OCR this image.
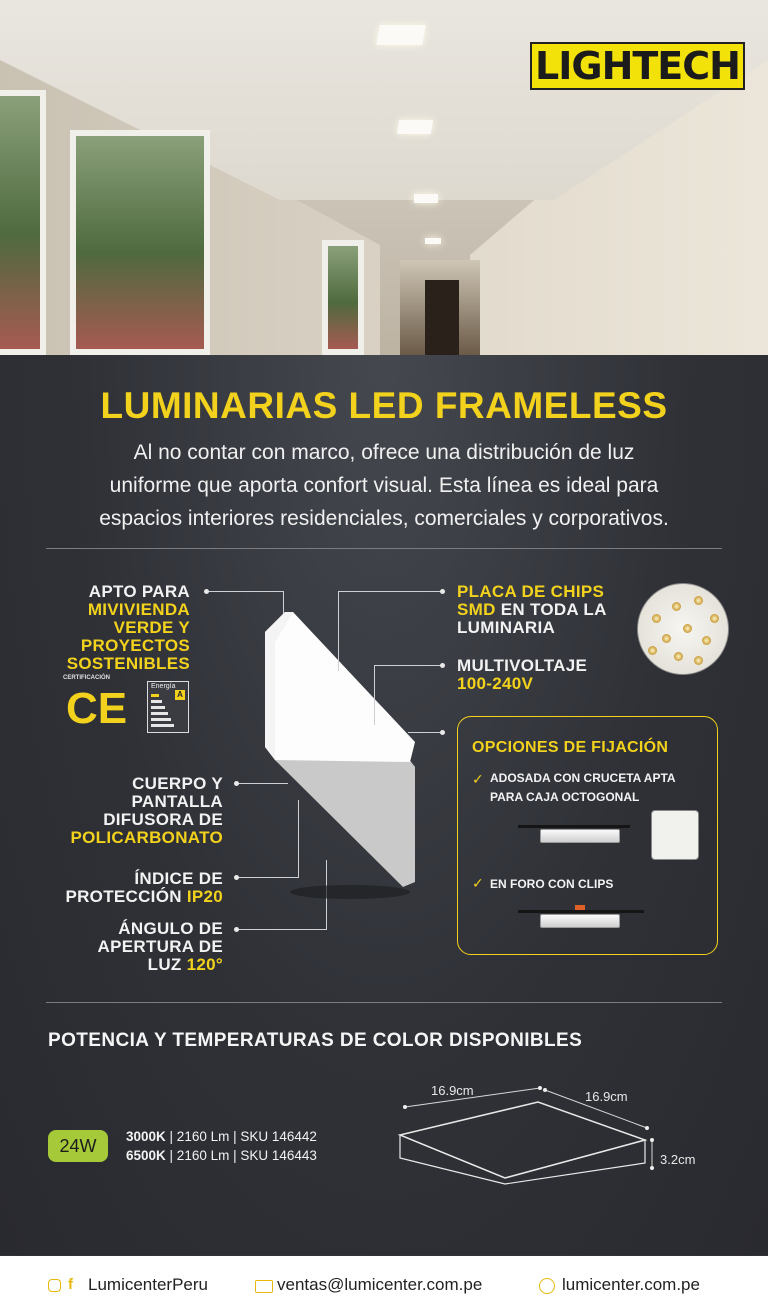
LIGHTECH
LUMINARIAS LED FRAMELESS
Al no contar con marco, ofrece una distribución de luz
uniforme que aporta confort visual. Esta línea es ideal para
espacios interiores residenciales, comerciales y corporativos.
APTO PARA
MIVIVIENDA
VERDE Y
PROYECTOS
SOSTENIBLES
CERTIFICACIÓN
CE	Energía
A
CUERPO Y
PANTALLA
DIFUSORA DE
POLICARBONATO
ÍNDICE DE
PROTECCIÓN IP20
ÁNGULO DE
APERTURA DE
LUZ 120°
PLACA DE CHIPS
SMD EN TODA LA
LUMINARIA
MULTIVOLTAJE
100-240V
OPCIONES DE FIJACIÓN
✓ ADOSADA CON CRUCETA APTA
PARA CAJA OCTOGONAL
✓ EN FORO CON CLIPS
POTENCIA Y TEMPERATURAS DE COLOR DISPONIBLES
24W	3000K | 2160 Lm | SKU 146442
6500K | 2160 Lm | SKU 146443
16.9cm	16.9cm
3.2cm
f LumicenterPeru	ventas@lumicenter.com.pe	lumicenter.com.pe
